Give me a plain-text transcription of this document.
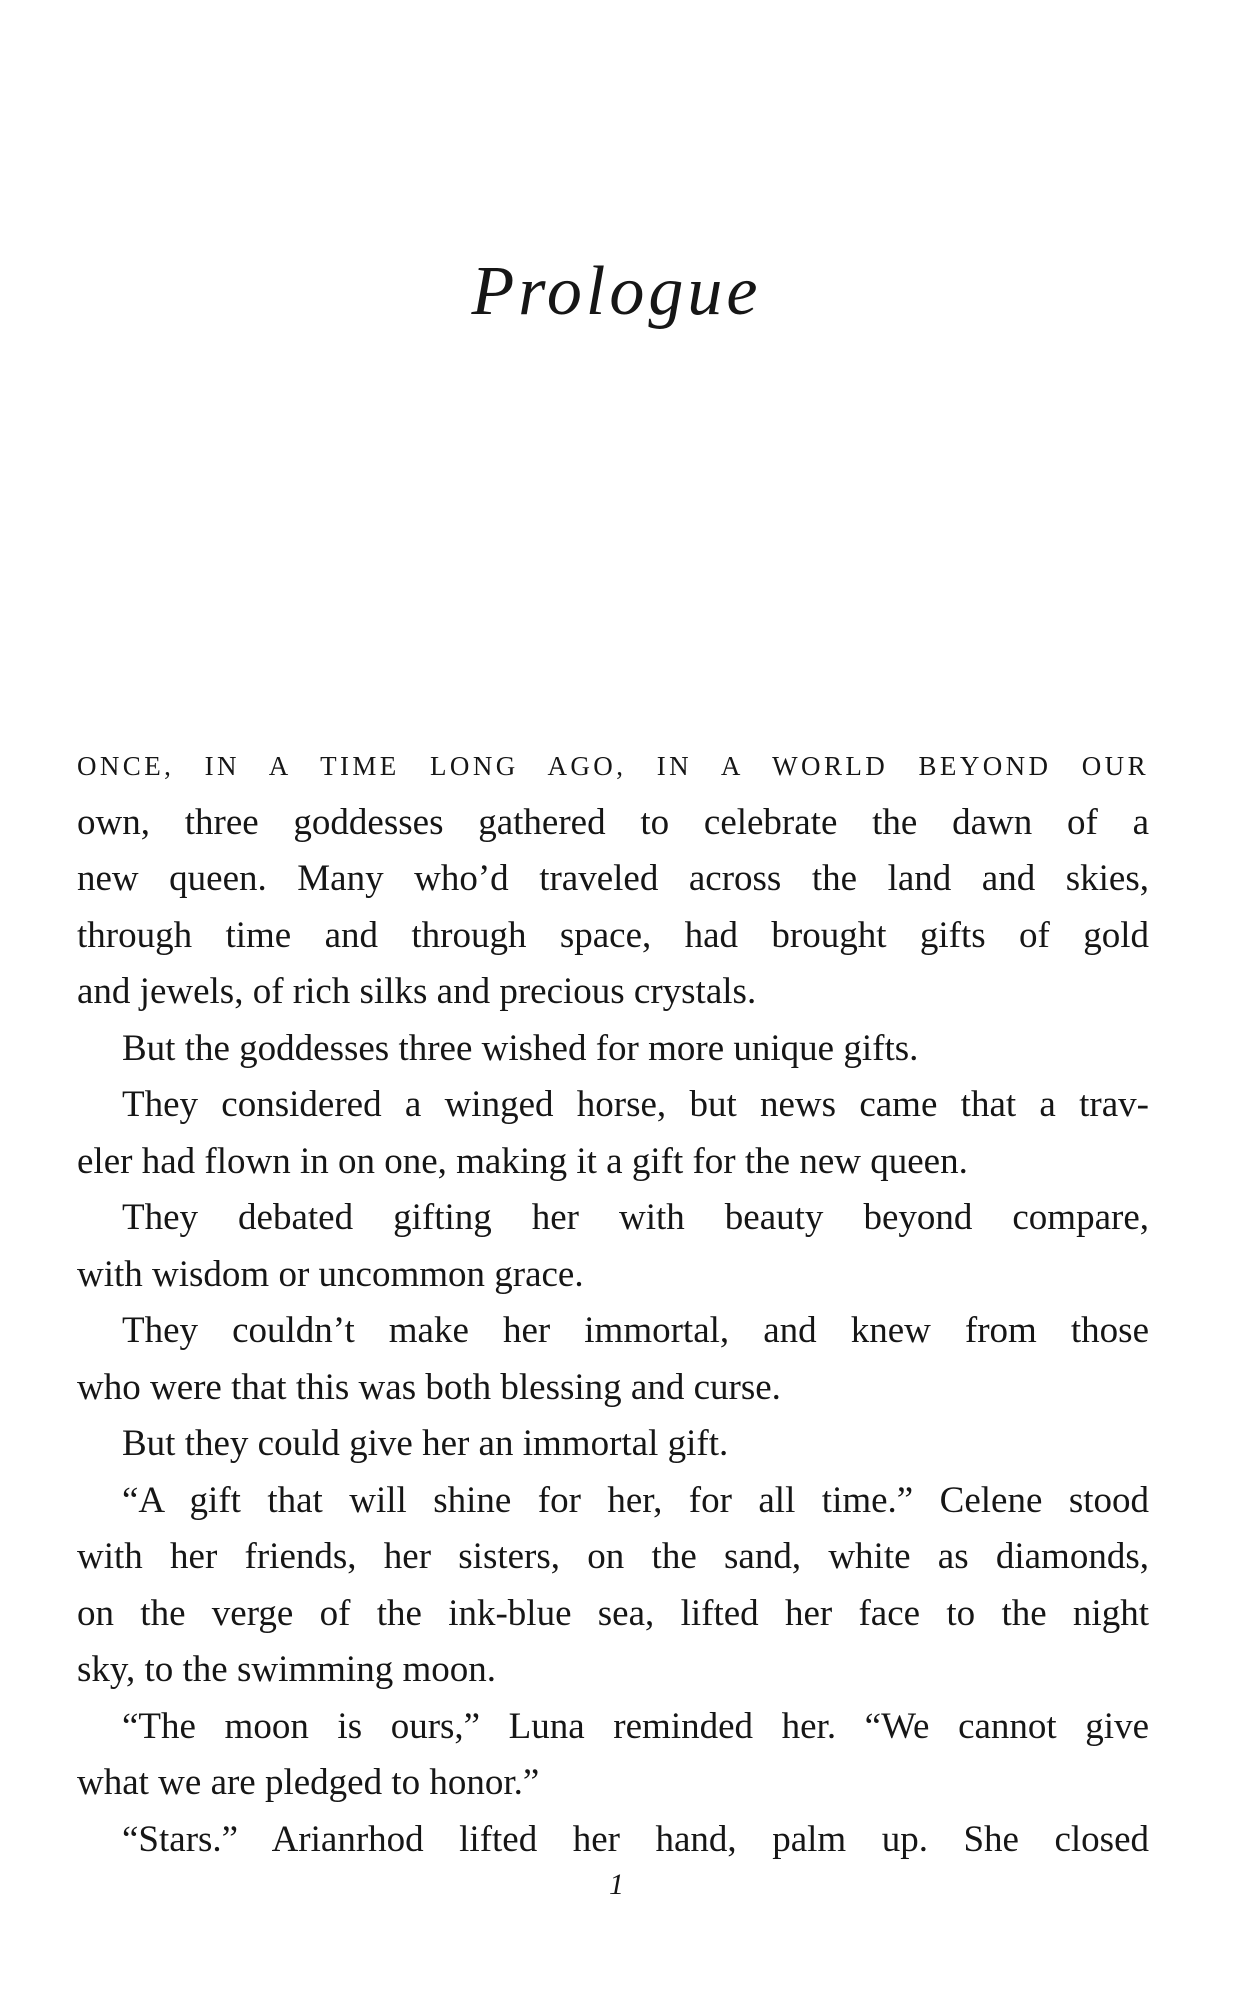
Prologue
ONCE, IN A TIME LONG AGO, IN A WORLD BEYOND OUR
own, three goddesses gathered to celebrate the dawn of a
new queen. Many who’d traveled across the land and skies,
through time and through space, had brought gifts of gold
and jewels, of rich silks and precious crystals.
But the goddesses three wished for more unique gifts.
They considered a winged horse, but news came that a trav-
eler had flown in on one, making it a gift for the new queen.
They debated gifting her with beauty beyond compare,
with wisdom or uncommon grace.
They couldn’t make her immortal, and knew from those
who were that this was both blessing and curse.
But they could give her an immortal gift.
“A gift that will shine for her, for all time.” Celene stood
with her friends, her sisters, on the sand, white as diamonds,
on the verge of the ink-blue sea, lifted her face to the night
sky, to the swimming moon.
“The moon is ours,” Luna reminded her. “We cannot give
what we are pledged to honor.”
“Stars.” Arianrhod lifted her hand, palm up. She closed
1
